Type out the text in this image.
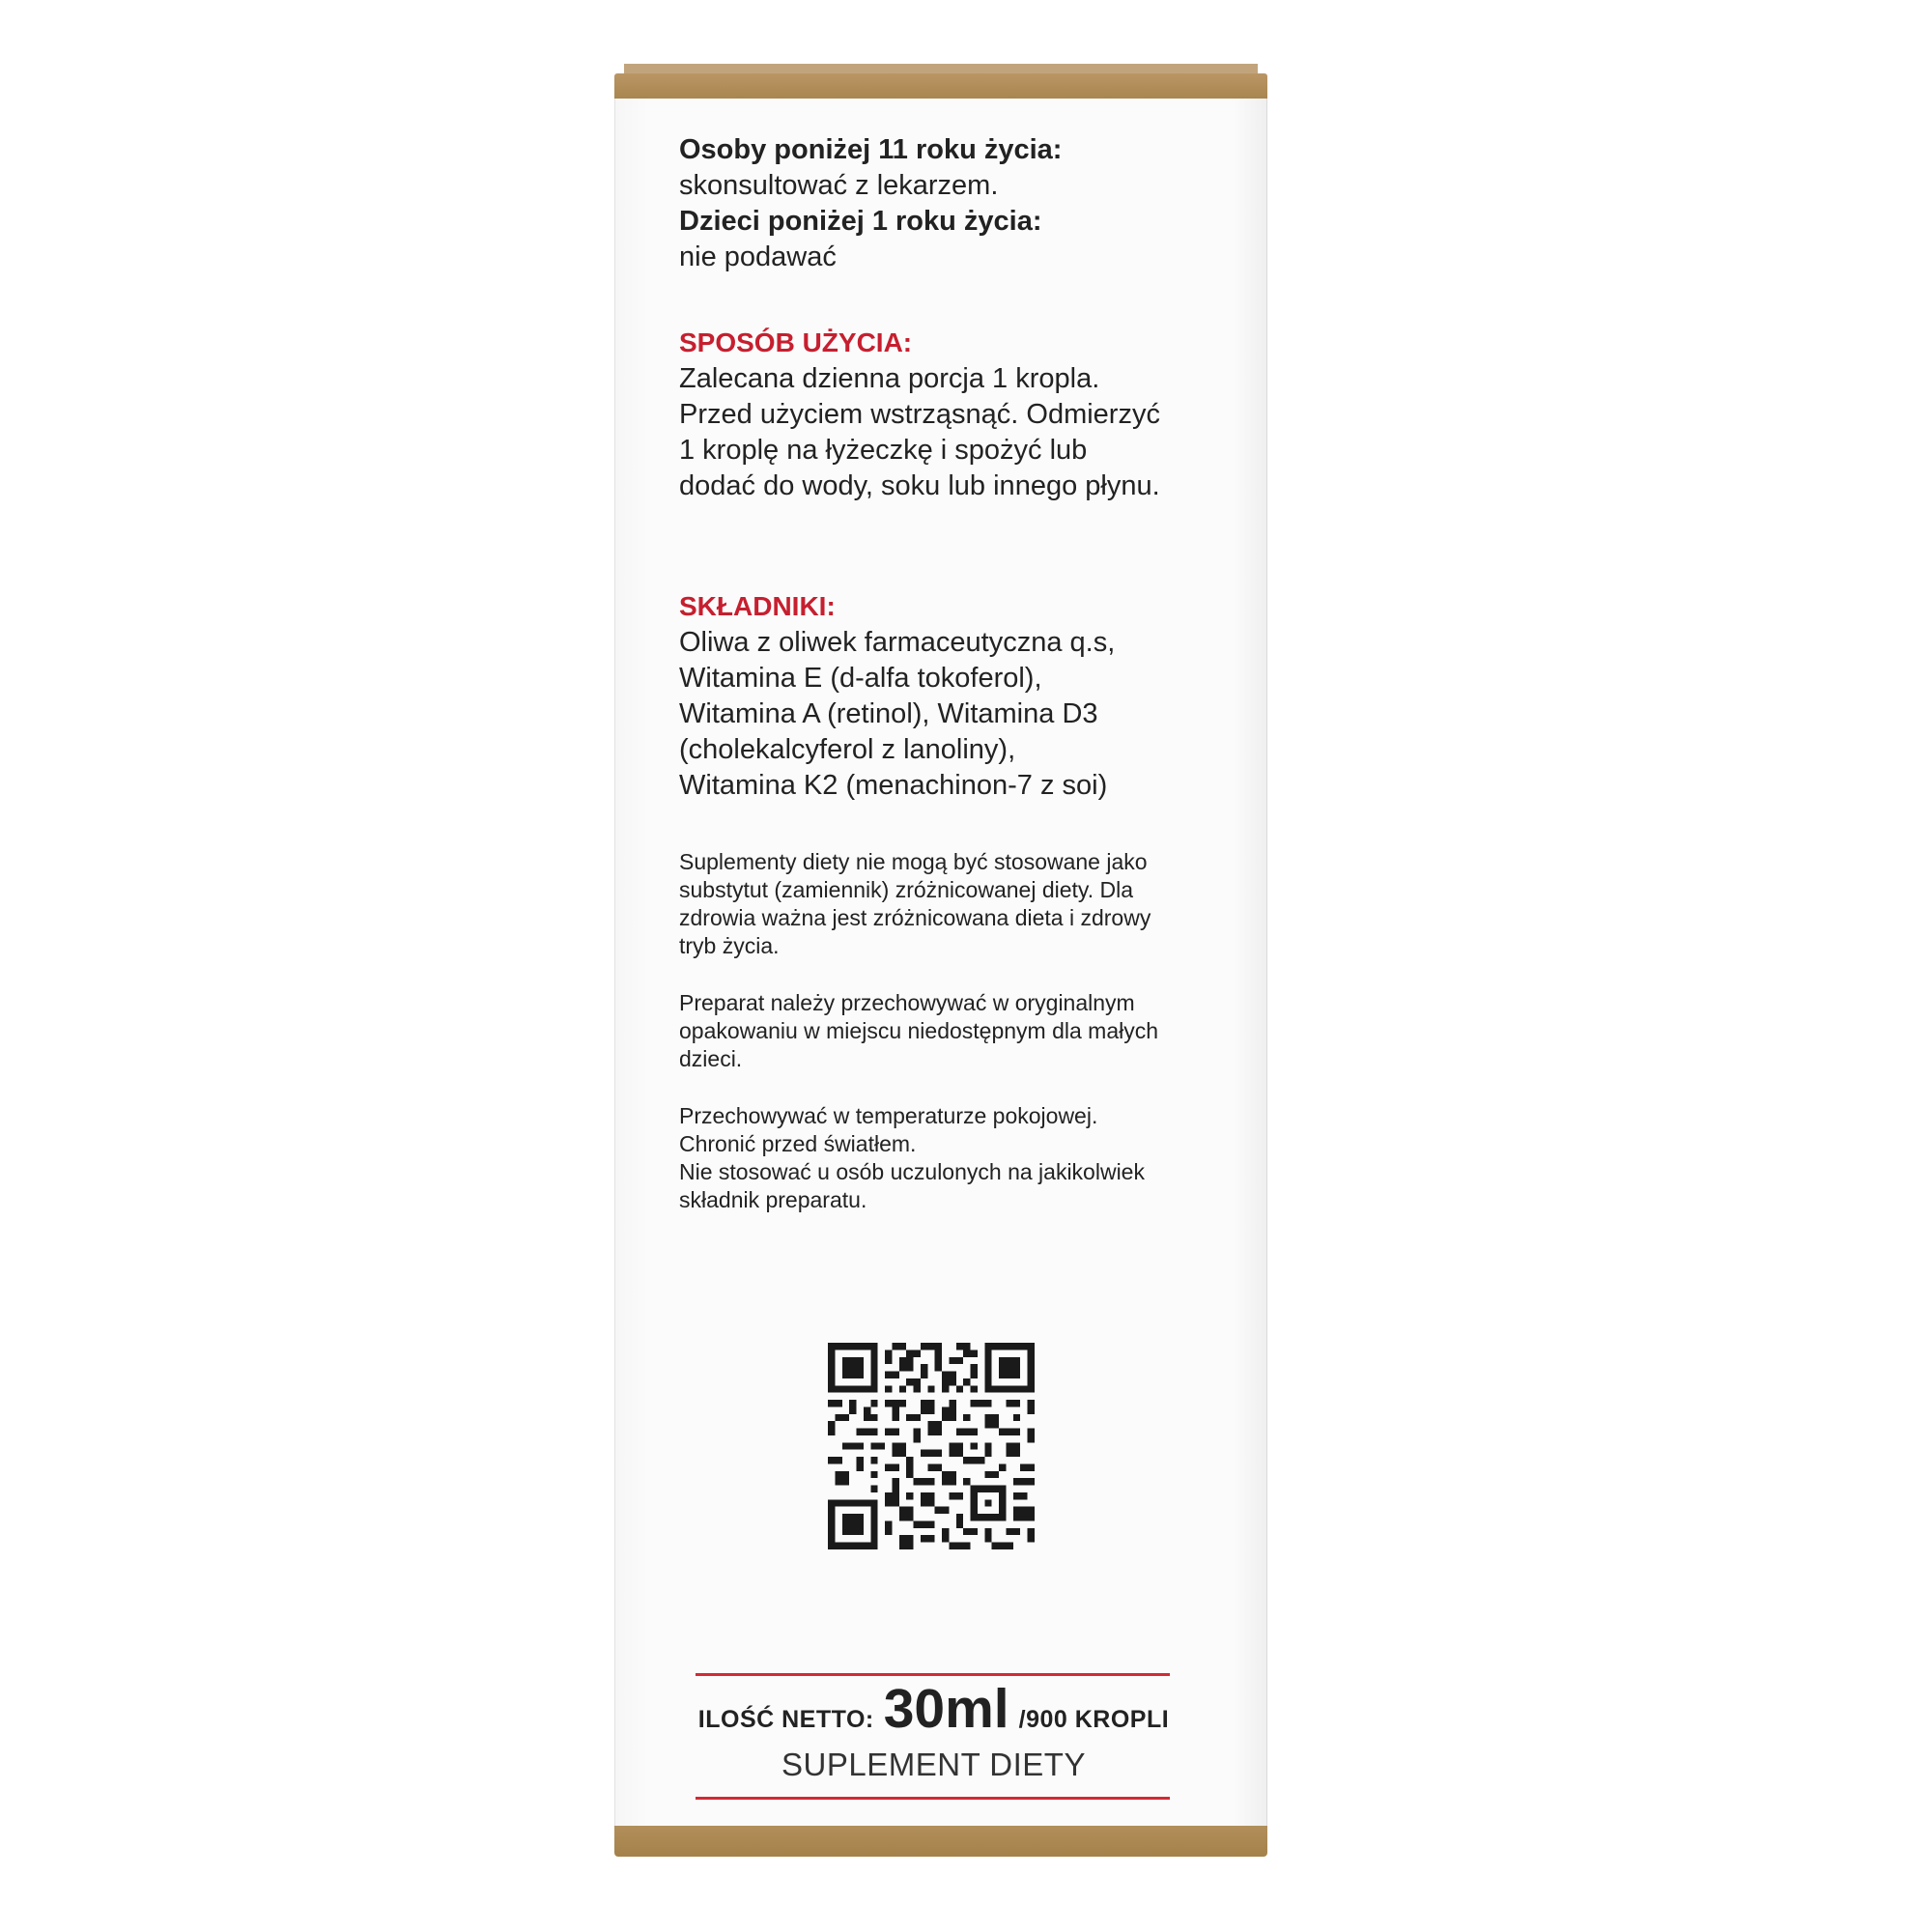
Osoby poniżej 11 roku życia:

skonsultować z lekarzem.

Dzieci poniżej 1 roku życia:

nie podawać

SPOSÓB UŻYCIA:

Zalecana dzienna porcja 1 kropla.

Przed użyciem wstrząsnąć. Odmierzyć

1 kroplę na łyżeczkę i spożyć lub

dodać do wody, soku lub innego płynu.

SKŁADNIKI:

Oliwa z oliwek farmaceutyczna q.s,

Witamina E (d-alfa tokoferol),

Witamina A (retinol), Witamina D3

(cholekalcyferol z lanoliny),

Witamina K2 (menachinon-7 z soi)

Suplementy diety nie mogą być stosowane jako

substytut (zamiennik) zróżnicowanej diety. Dla

zdrowia ważna jest zróżnicowana dieta i zdrowy

tryb życia.

Preparat należy przechowywać w oryginalnym

opakowaniu w miejscu niedostępnym dla małych

dzieci.

Przechowywać w temperaturze pokojowej.

Chronić przed światłem.

Nie stosować u osób uczulonych na jakikolwiek

składnik preparatu.

ILOŚĆ NETTO: 30ml /900 KROPLI
SUPLEMENT DIETY
